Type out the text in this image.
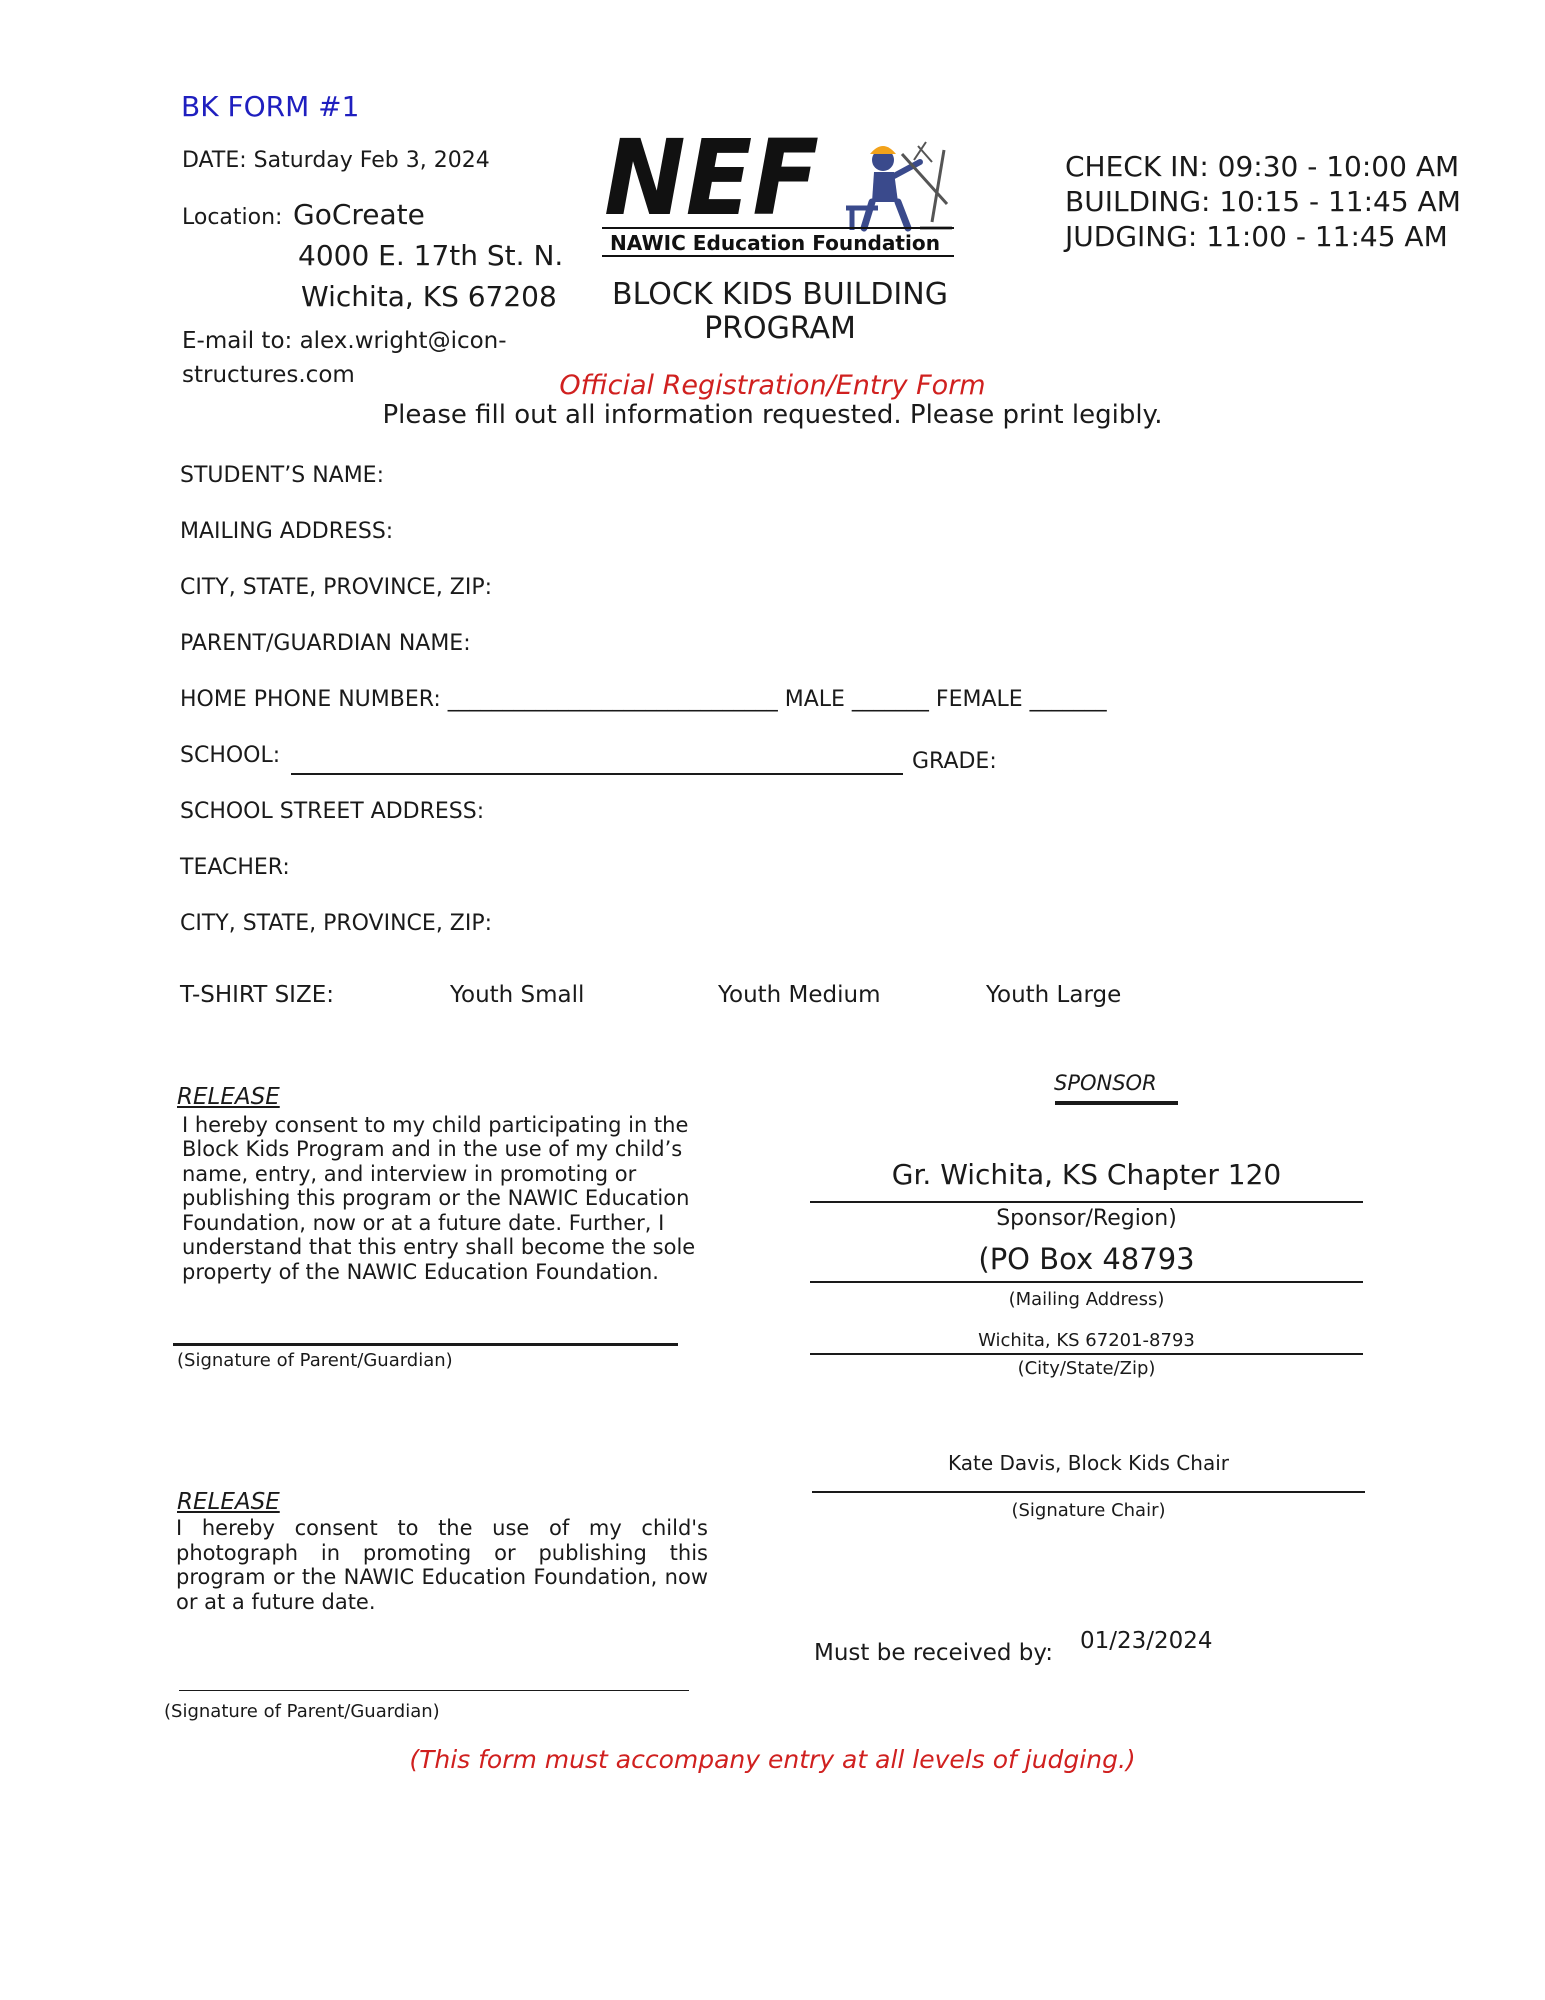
BK FORM #1
DATE: Saturday Feb 3, 2024
Location: GoCreate
4000 E. 17th St. N.
Wichita, KS 67208
E-mail to: alex.wright@icon-
structures.com
NEF
NAWIC Education Foundation
BLOCK KIDS BUILDING
PROGRAM
CHECK IN: 09:30 - 10:00 AM
BUILDING: 10:15 - 11:45 AM
JUDGING: 11:00 - 11:45 AM
Official Registration/Entry Form
Please fill out all information requested. Please print legibly.
STUDENT’S NAME:
MAILING ADDRESS:
CITY, STATE, PROVINCE, ZIP:
PARENT/GUARDIAN NAME:
HOME PHONE NUMBER: ______________________________ MALE _______ FEMALE _______
SCHOOL:	GRADE:
SCHOOL STREET ADDRESS:
TEACHER:
CITY, STATE, PROVINCE, ZIP:
T-SHIRT SIZE:	Youth Small	Youth Medium	Youth Large
RELEASE
I hereby consent to my child participating in the
Block Kids Program and in the use of my child’s
name, entry, and interview in promoting or
publishing this program or the NAWIC Education
Foundation, now or at a future date. Further, I
understand that this entry shall become the sole
property of the NAWIC Education Foundation.
(Signature of Parent/Guardian)
RELEASE
I hereby consent to the use of my child's photograph in promoting or publishing this program or the NAWIC Education Foundation, now or at a future date.
(Signature of Parent/Guardian)
SPONSOR
Gr. Wichita, KS Chapter 120
Sponsor/Region)
(PO Box 48793
(Mailing Address)
Wichita, KS 67201-8793
(City/State/Zip)
Kate Davis, Block Kids Chair
(Signature Chair)
Must be received by: 01/23/2024
(This form must accompany entry at all levels of judging.)
